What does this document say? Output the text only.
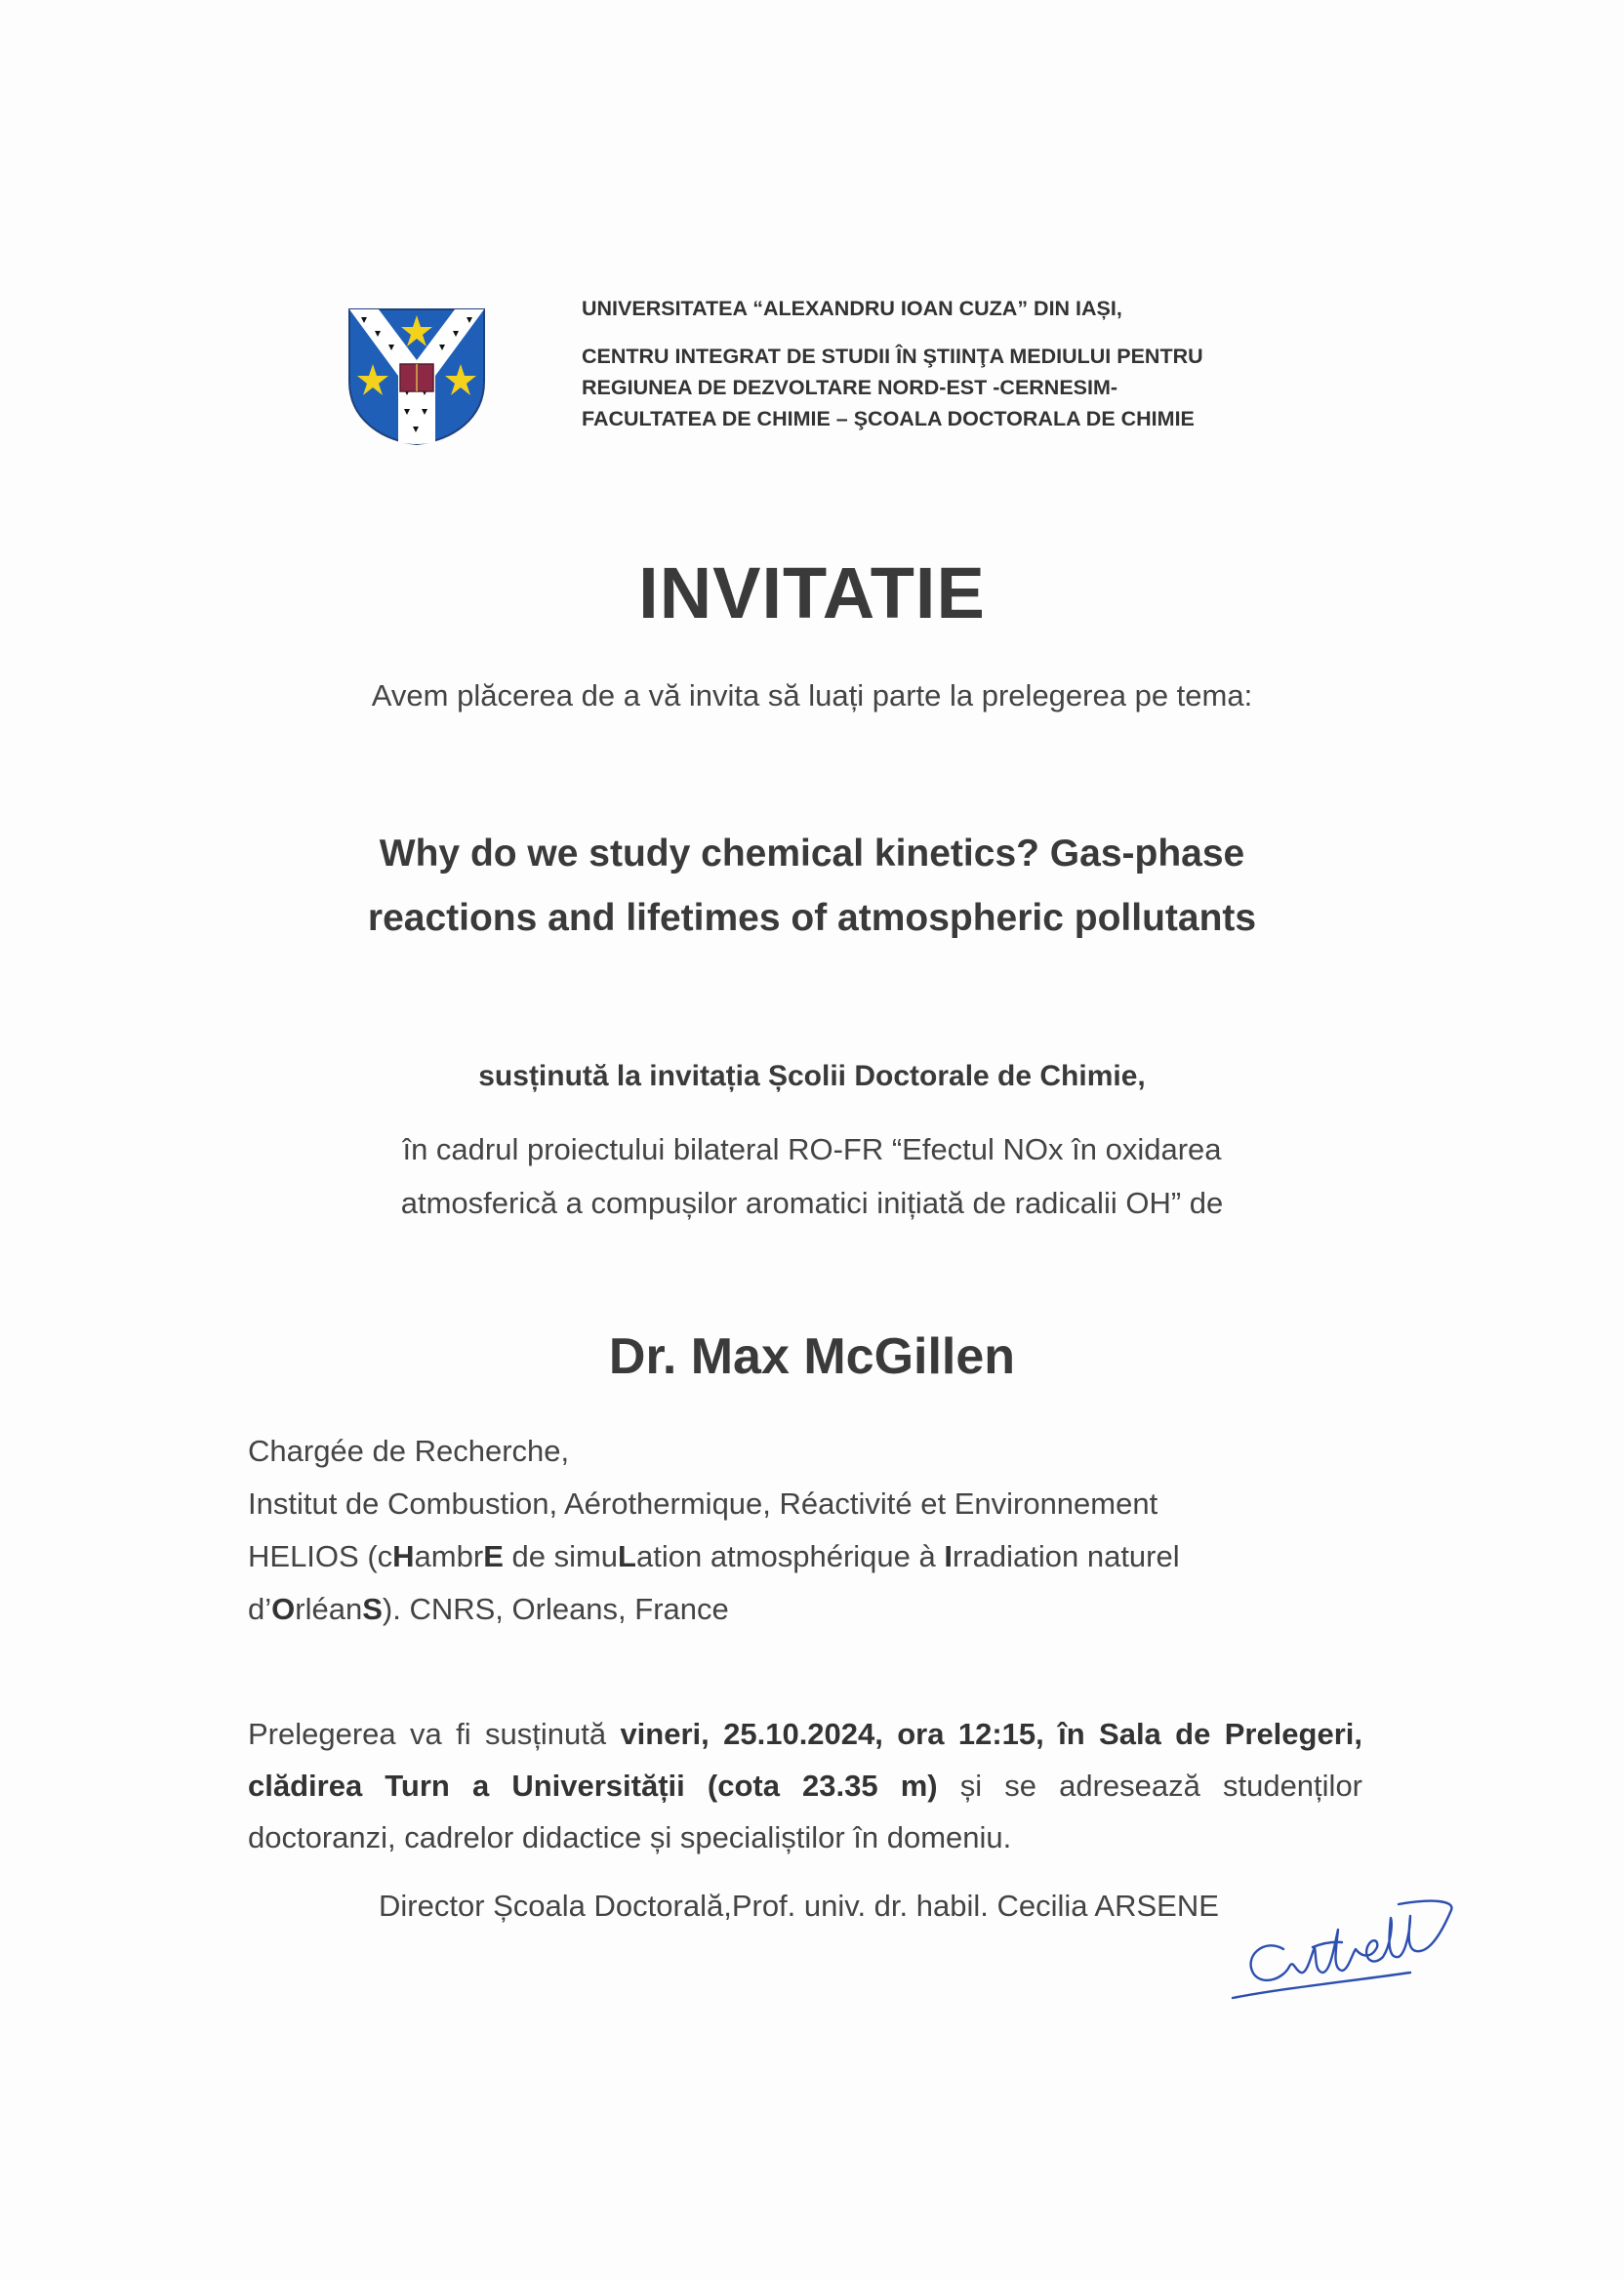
UNIVERSITATEA “ALEXANDRU IOAN CUZA” DIN IAȘI,
CENTRU INTEGRAT DE STUDII ÎN ŞTIINŢA MEDIULUI PENTRU
REGIUNEA DE DEZVOLTARE NORD-EST -CERNESIM-
FACULTATEA DE CHIMIE – ŞCOALA DOCTORALA DE CHIMIE
INVITATIE
Avem plăcerea de a vă invita să luați parte la prelegerea pe tema:
Why do we study chemical kinetics? Gas-phase
reactions and lifetimes of atmospheric pollutants
susținută la invitația Școlii Doctorale de Chimie,
în cadrul proiectului bilateral RO-FR “Efectul NOx în oxidarea
atmosferică a compușilor aromatici inițiată de radicalii OH” de
Dr. Max McGillen
Chargée de Recherche,
Institut de Combustion, Aérothermique, Réactivité et Environnement
HELIOS (cHambrE de simuLation atmosphérique à Irradiation naturel
d’OrléanS). CNRS, Orleans, France
Prelegerea va fi susținută vineri, 25.10.2024, ora 12:15, în Sala de Prelegeri, clădirea Turn a Universității (cota 23.35 m) și se adresează studenților doctoranzi, cadrelor didactice și specialiștilor în domeniu.
Director Școala Doctorală,Prof. univ. dr. habil. Cecilia ARSENE
